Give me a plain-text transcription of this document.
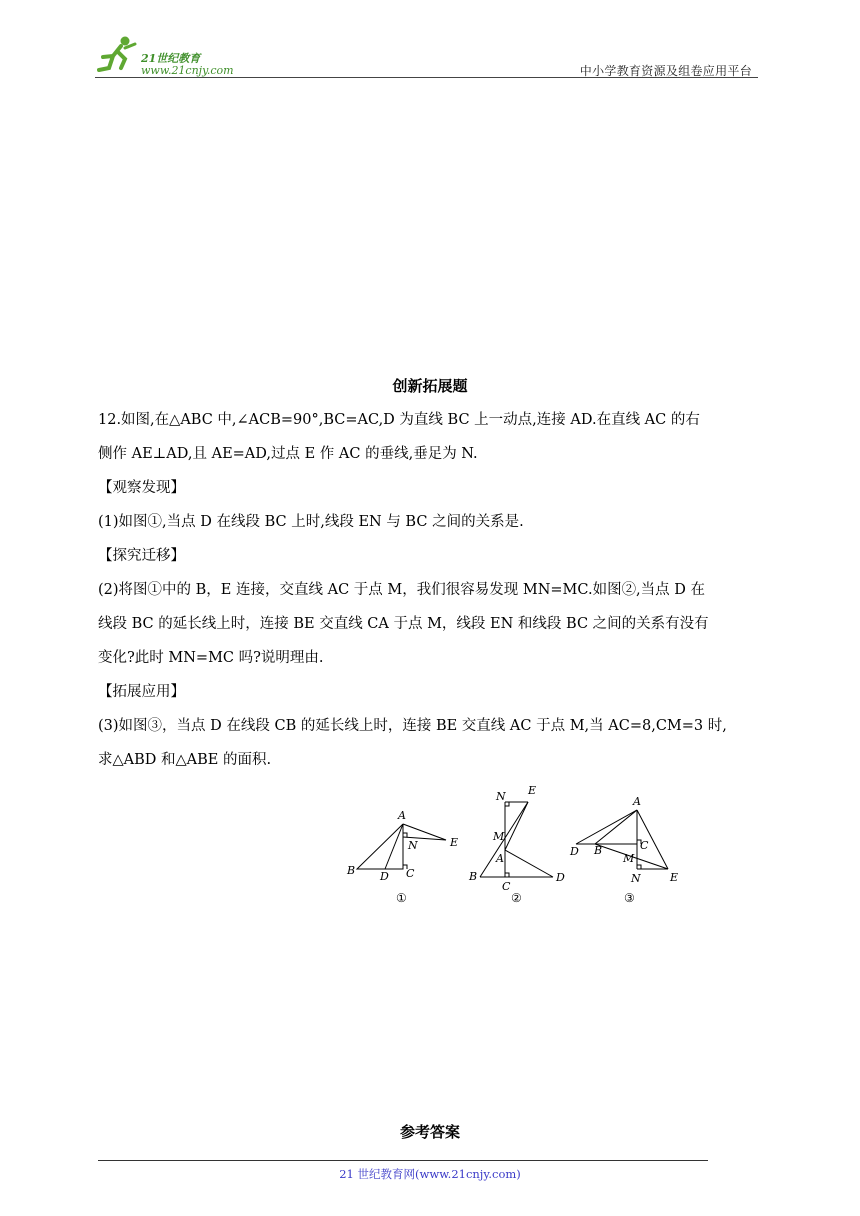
21世纪教育
www.21cnjy.com	中小学教育资源及组卷应用平台
创新拓展题
12.如图,在△ABC 中,∠ACB=90°,BC=AC,D 为直线 BC 上一动点,连接 AD.在直线 AC 的右
侧作 AE⊥AD,且 AE=AD,过点 E 作 AC 的垂线,垂足为 N.
【观察发现】
(1)如图①,当点 D 在线段 BC 上时,线段 EN 与 BC 之间的关系是.
【探究迁移】
(2)将图①中的 B，E 连接，交直线 AC 于点 M，我们很容易发现 MN=MC.如图②,当点 D 在
线段 BC 的延长线上时，连接 BE 交直线 CA 于点 M，线段 EN 和线段 BC 之间的关系有没有
变化?此时 MN=MC 吗?说明理由.
【拓展应用】
(3)如图③，当点 D 在线段 CB 的延长线上时，连接 BE 交直线 AC 于点 M,当 AC=8,CM=3 时,
求△ABD 和△ABE 的面积.
A
B	C
D
E
N
①
N E
M
A
B
C
D
②
A
D B	C
M
N	E
③
参考答案
21 世纪教育网(www.21cnjy.com)
